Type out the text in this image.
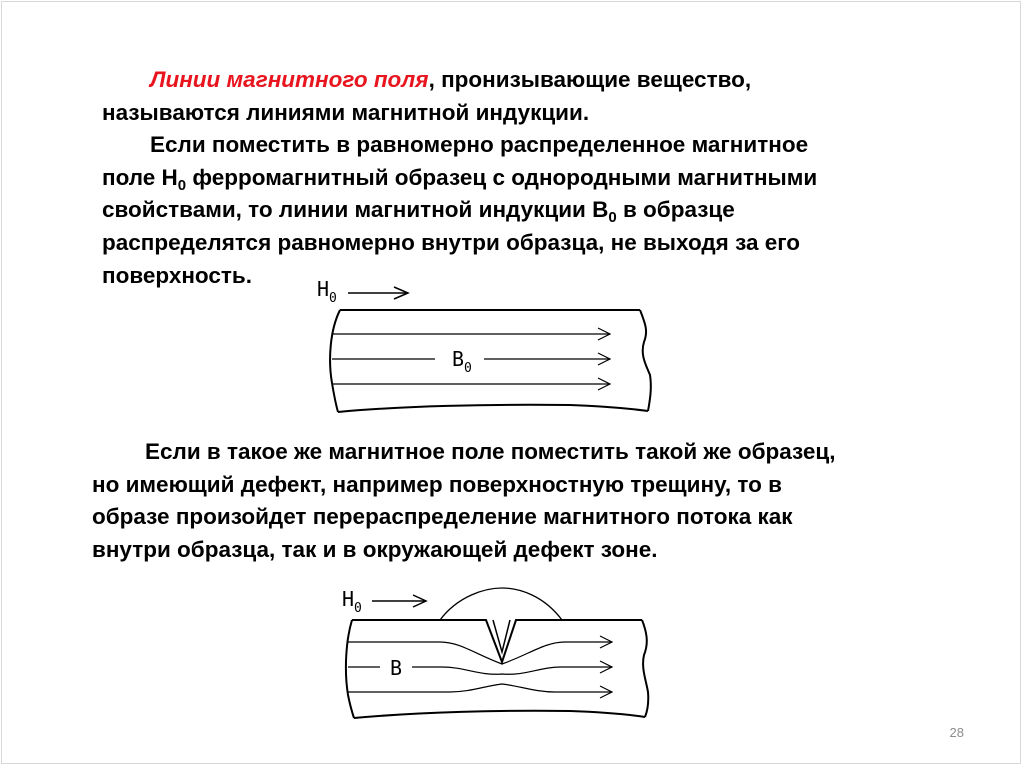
Линии магнитного поля, пронизывающие вещество,
называются линиями магнитной индукции.
Если поместить в равномерно распределенное магнитное
поле $Н_0$ ферромагнитный образец с однородными магнитными
свойствами, то линии магнитной индукции $В_0$ в образце
распределятся равномерно внутри образца, не выходя за его
поверхность.
$H_0$
$B_0$
Если в такое же магнитное поле поместить такой же образец,
но имеющий дефект, например поверхностную трещину, то в
образе произойдет перераспределение магнитного потока как
внутри образца, так и в окружающей дефект зоне.
$H_0$
B
28
